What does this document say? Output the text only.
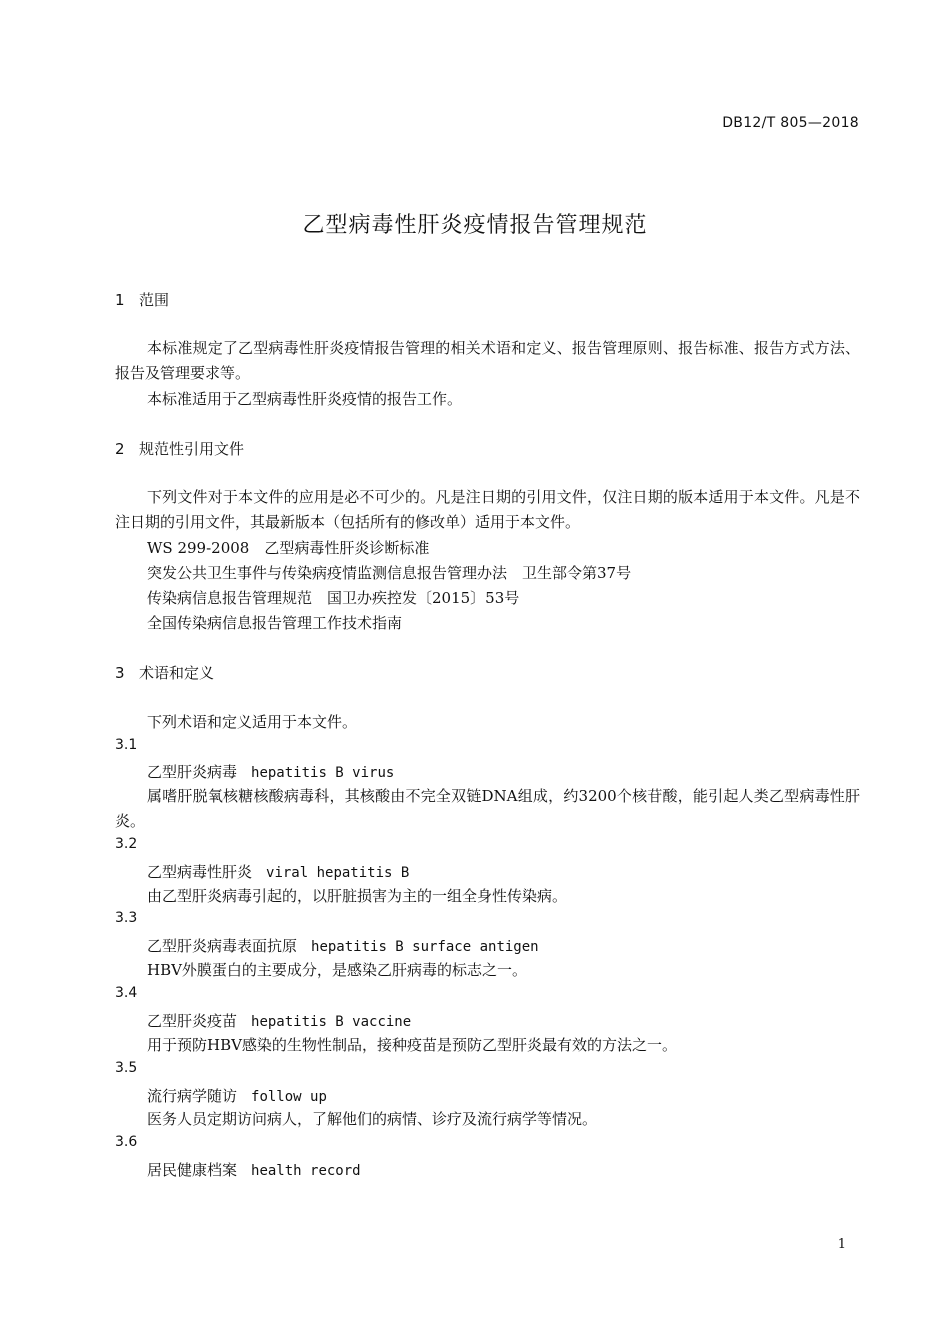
DB12/T 805—2018
乙型病毒性肝炎疫情报告管理规范
1 范围
本标准规定了乙型病毒性肝炎疫情报告管理的相关术语和定义、报告管理原则、报告标准、报告方式方法、报告及管理要求等。
本标准适用于乙型病毒性肝炎疫情的报告工作。
2 规范性引用文件
下列文件对于本文件的应用是必不可少的。凡是注日期的引用文件，仅注日期的版本适用于本文件。凡是不注日期的引用文件，其最新版本（包括所有的修改单）适用于本文件。
WS 299-2008　乙型病毒性肝炎诊断标准
突发公共卫生事件与传染病疫情监测信息报告管理办法　卫生部令第37号
传染病信息报告管理规范　国卫办疾控发〔2015〕53号
全国传染病信息报告管理工作技术指南
3 术语和定义
下列术语和定义适用于本文件。
3.1
乙型肝炎病毒 hepatitis B virus
属嗜肝脱氧核糖核酸病毒科，其核酸由不完全双链DNA组成，约3200个核苷酸，能引起人类乙型病毒性肝炎。
3.2
乙型病毒性肝炎 viral hepatitis B
由乙型肝炎病毒引起的，以肝脏损害为主的一组全身性传染病。
3.3
乙型肝炎病毒表面抗原 hepatitis B surface antigen
HBV外膜蛋白的主要成分，是感染乙肝病毒的标志之一。
3.4
乙型肝炎疫苗 hepatitis B vaccine
用于预防HBV感染的生物性制品，接种疫苗是预防乙型肝炎最有效的方法之一。
3.5
流行病学随访 follow up
医务人员定期访问病人，了解他们的病情、诊疗及流行病学等情况。
3.6
居民健康档案 health record
1
